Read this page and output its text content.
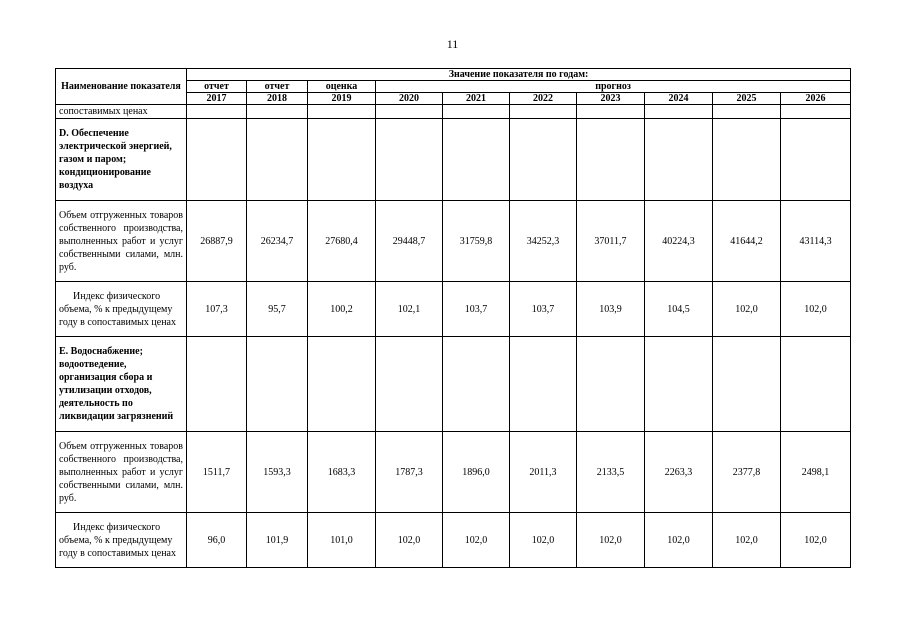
11
Наименование показателя	Значение показателя по годам:									
	отчет	отчет	оценка	прогноз						
	2017	2018	2019	2020	2021	2022	2023	2024	2025	2026
сопоставимых ценах										
D. Обеспечение электрической энергией, газом и паром; кондиционирование воздуха										
Объем отгруженных товаров собственного производства, выполненных работ и услуг собственными силами, млн. руб.	26887,9	26234,7	27680,4	29448,7	31759,8	34252,3	37011,7	40224,3	41644,2	43114,3
Индекс физического объема, % к предыдущему году в сопоставимых ценах	107,3	95,7	100,2	102,1	103,7	103,7	103,9	104,5	102,0	102,0
E. Водоснабжение; водоотведение, организация сбора и утилизации отходов, деятельность по ликвидации загрязнений										
Объем отгруженных товаров собственного производства, выполненных работ и услуг собственными силами, млн. руб.	1511,7	1593,3	1683,3	1787,3	1896,0	2011,3	2133,5	2263,3	2377,8	2498,1
Индекс физического объема, % к предыдущему году в сопоставимых ценах	96,0	101,9	101,0	102,0	102,0	102,0	102,0	102,0	102,0	102,0
